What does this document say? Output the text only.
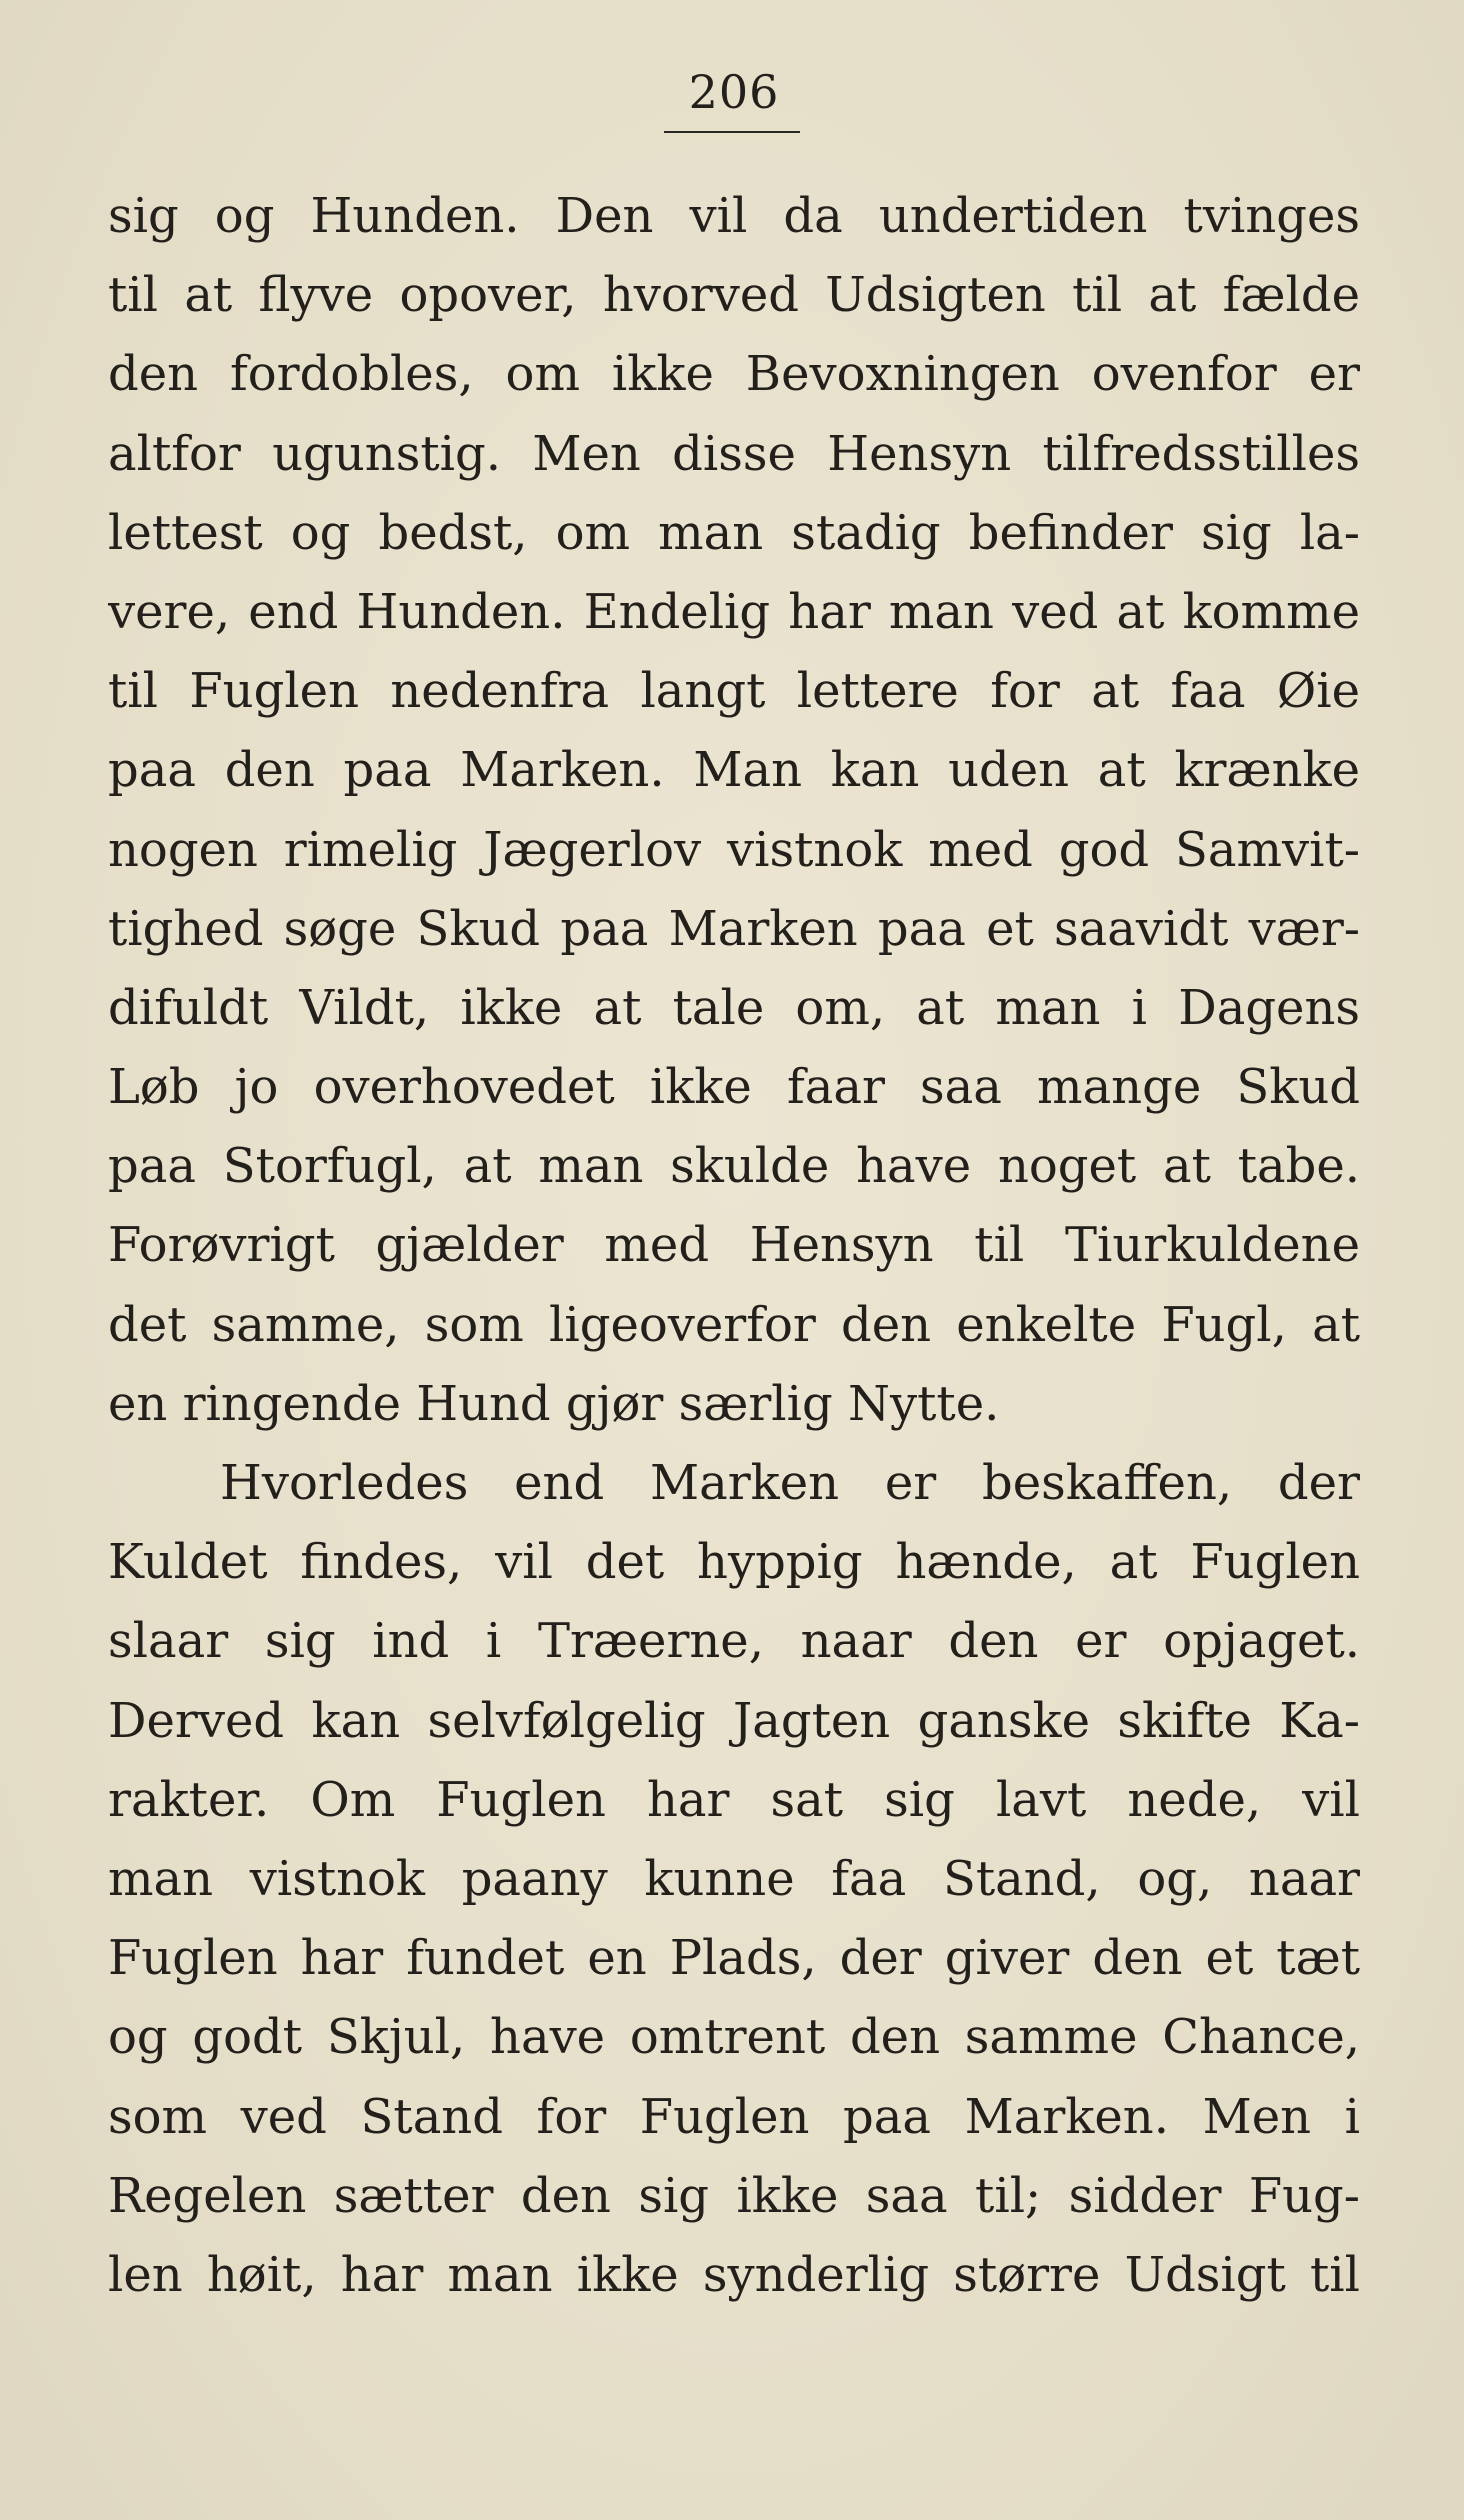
206
sig og Hunden. Den vil da undertiden tvinges
til at flyve opover, hvorved Udsigten til at fælde
den fordobles, om ikke Bevoxningen ovenfor er
altfor ugunstig. Men disse Hensyn tilfredsstilles
lettest og bedst, om man stadig befinder sig la-
vere, end Hunden. Endelig har man ved at komme
til Fuglen nedenfra langt lettere for at faa Øie
paa den paa Marken. Man kan uden at krænke
nogen rimelig Jægerlov vistnok med god Samvit-
tighed søge Skud paa Marken paa et saavidt vær-
difuldt Vildt, ikke at tale om, at man i Dagens
Løb jo overhovedet ikke faar saa mange Skud
paa Storfugl, at man skulde have noget at tabe.
Forøvrigt gjælder med Hensyn til Tiurkuldene
det samme, som ligeoverfor den enkelte Fugl, at
en ringende Hund gjør særlig Nytte.
Hvorledes end Marken er beskaffen, der
Kuldet findes, vil det hyppig hænde, at Fuglen
slaar sig ind i Træerne, naar den er opjaget.
Derved kan selvfølgelig Jagten ganske skifte Ka-
rakter. Om Fuglen har sat sig lavt nede, vil
man vistnok paany kunne faa Stand, og, naar
Fuglen har fundet en Plads, der giver den et tæt
og godt Skjul, have omtrent den samme Chance,
som ved Stand for Fuglen paa Marken. Men i
Regelen sætter den sig ikke saa til; sidder Fug-
len høit, har man ikke synderlig større Udsigt til
